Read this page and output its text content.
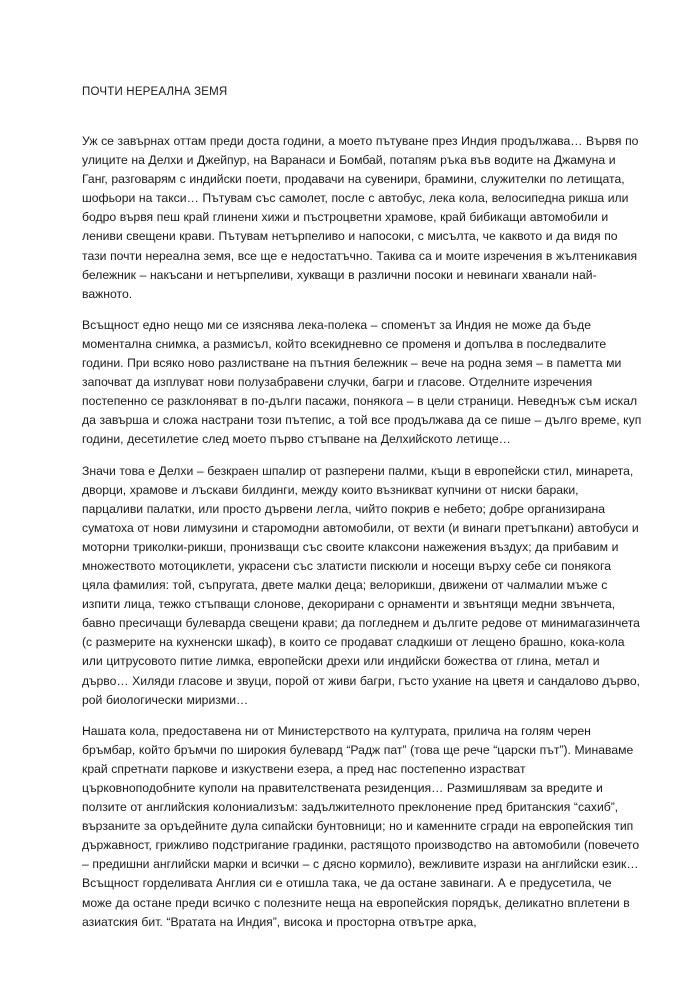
ПОЧТИ НЕРЕАЛНА ЗЕМЯ

Уж се завърнах оттам преди доста години, а моето пътуване през Индия продължава… Вървя по улиците на Делхи и Джейпур, на Варанаси и Бомбай, потапям ръка във водите на Джамуна и Ганг, разговарям с индийски поети, продавачи на сувенири, брамини, служителки по летищата, шофьори на такси… Пътувам със самолет, после с автобус, лека кола, велосипедна рикша или бодро вървя пеш край глинени хижи и пъстроцветни храмове, край бибикащи автомобили и лениви свещени крави. Пътувам нетърпеливо и напосоки, с мисълта, че каквото и да видя по тази почти нереална земя, все ще е недостатъчно. Такива са и моите изречения в жълтеникавия бележник – накъсани и нетърпеливи, хукващи в различни посоки и невинаги хванали най-важното.

Всъщност едно нещо ми се изяснява лека-полека – споменът за Индия не може да бъде моментална снимка, а размисъл, който всекидневно се променя и допълва в последвалите години. При всяко ново разлистване на пътния бележник – вече на родна земя – в паметта ми започват да изплуват нови полузабравени случки, багри и гласове. Отделните изречения постепенно се разклоняват в по-дълги пасажи, понякога – в цели страници. Неведнъж съм искал да завърша и сложа настрани този пътепис, а той все продължава да се пише – дълго време, куп години, десетилетие след моето първо стъпване на Делхийското летище…

Значи това е Делхи – безкраен шпалир от разперени палми, къщи в европейски стил, минарета, дворци, храмове и лъскави билдинги, между които възникват купчини от ниски бараки, парцаливи палатки, или просто дървени легла, чийто покрив е небето; добре организирана суматоха от нови лимузини и старомодни автомобили, от вехти (и винаги претъпкани) автобуси и моторни триколки-рикши, пронизващи със своите клаксони нажежения въздух; да прибавим и множеството мотоциклети, украсени със златисти пискюли и носещи върху себе си понякога цяла фамилия: той, съпругата, двете малки деца; велорикши, движени от чалмалии мъже с изпити лица, тежко стъпващи слонове, декорирани с орнаменти и звънтящи медни звънчета, бавно пресичащи булеварда свещени крави; да погледнем и дългите редове от минимагазинчета (с размерите на кухненски шкаф), в които се продават сладкиши от лещено брашно, кока-кола или цитрусовото питие лимка, европейски дрехи или индийски божества от глина, метал и дърво… Хиляди гласове и звуци, порой от живи багри, гъсто ухание на цветя и сандалово дърво, рой биологически миризми…

Нашата кола, предоставена ни от Министерството на културата, прилича на голям черен бръмбар, който бръмчи по широкия булевард “Радж пат” (това ще рече “царски път”). Минаваме край спретнати паркове и изкуствени езера, а пред нас постепенно израстват църковноподобните куполи на правителствената резиденция… Размишлявам за вредите и ползите от английския колониализъм: задължителното преклонение пред британския “сахиб”, вързаните за оръдейните дула сипайски бунтовници; но и каменните сгради на европейския тип държавност, грижливо подстригание градинки, растящото производство на автомобили (повечето – предишни английски марки и всички – с дясно кормило), вежливите изрази на английски език… Всъщност горделивата Англия си е отишла така, че да остане завинаги. А е предусетила, че може да остане преди всичко с полезните неща на европейския порядък, деликатно вплетени в азиатския бит. “Вратата на Индия”, висока и просторна отвътре арка,
